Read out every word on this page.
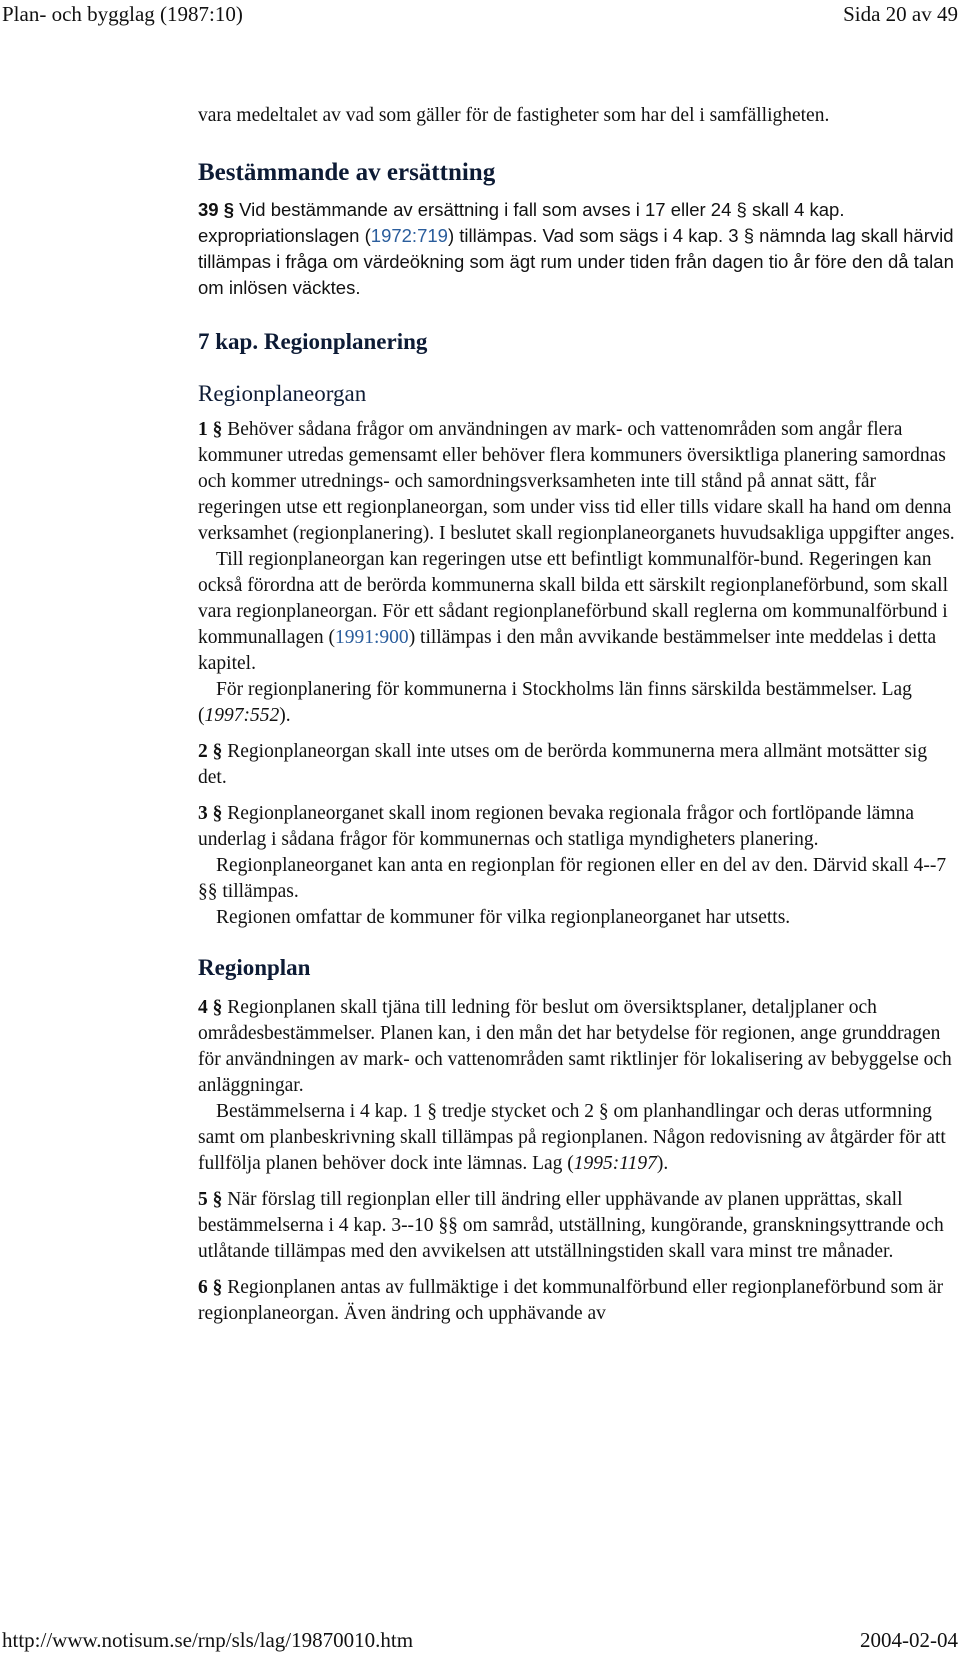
Plan- och bygglag (1987:10)	Sida 20 av 49

vara medeltalet av vad som gäller för de fastigheter som har del i samfälligheten.

Bestämmande av ersättning

39 § Vid bestämmande av ersättning i fall som avses i 17 eller 24 § skall 4 kap. expropriationslagen (1972:719) tillämpas. Vad som sägs i 4 kap. 3 § nämnda lag skall härvid tillämpas i fråga om värdeökning som ägt rum under tiden från dagen tio år före den då talan om inlösen väcktes.

7 kap. Regionplanering

Regionplaneorgan

1 § Behöver sådana frågor om användningen av mark- och vattenområden som angår flera kommuner utredas gemensamt eller behöver flera kommuners översiktliga planering samordnas och kommer utrednings- och samordningsverksamheten inte till stånd på annat sätt, får regeringen utse ett regionplaneorgan, som under viss tid eller tills vidare skall ha hand om denna verksamhet (regionplanering). I beslutet skall regionplaneorganets huvudsakliga uppgifter anges.

Till regionplaneorgan kan regeringen utse ett befintligt kommunalför-bund. Regeringen kan också förordna att de berörda kommunerna skall bilda ett särskilt regionplaneförbund, som skall vara regionplaneorgan. För ett sådant regionplaneförbund skall reglerna om kommunalförbund i kommunallagen (1991:900) tillämpas i den mån avvikande bestämmelser inte meddelas i detta kapitel.

För regionplanering för kommunerna i Stockholms län finns särskilda bestämmelser. Lag (1997:552).

2 § Regionplaneorgan skall inte utses om de berörda kommunerna mera allmänt motsätter sig det.

3 § Regionplaneorganet skall inom regionen bevaka regionala frågor och fortlöpande lämna underlag i sådana frågor för kommunernas och statliga myndigheters planering.

Regionplaneorganet kan anta en regionplan för regionen eller en del av den. Därvid skall 4--7 §§ tillämpas.

Regionen omfattar de kommuner för vilka regionplaneorganet har utsetts.

Regionplan

4 § Regionplanen skall tjäna till ledning för beslut om översiktsplaner, detaljplaner och områdesbestämmelser. Planen kan, i den mån det har betydelse för regionen, ange grunddragen för användningen av mark- och vattenområden samt riktlinjer för lokalisering av bebyggelse och anläggningar.

Bestämmelserna i 4 kap. 1 § tredje stycket och 2 § om planhandlingar och deras utformning samt om planbeskrivning skall tillämpas på regionplanen. Någon redovisning av åtgärder för att fullfölja planen behöver dock inte lämnas. Lag (1995:1197).

5 § När förslag till regionplan eller till ändring eller upphävande av planen upprättas, skall bestämmelserna i 4 kap. 3--10 §§ om samråd, utställning, kungörande, granskningsyttrande och utlåtande tillämpas med den avvikelsen att utställningstiden skall vara minst tre månader.

6 § Regionplanen antas av fullmäktige i det kommunalförbund eller regionplaneförbund som är regionplaneorgan. Även ändring och upphävande av

http://www.notisum.se/rnp/sls/lag/19870010.htm	2004-02-04
